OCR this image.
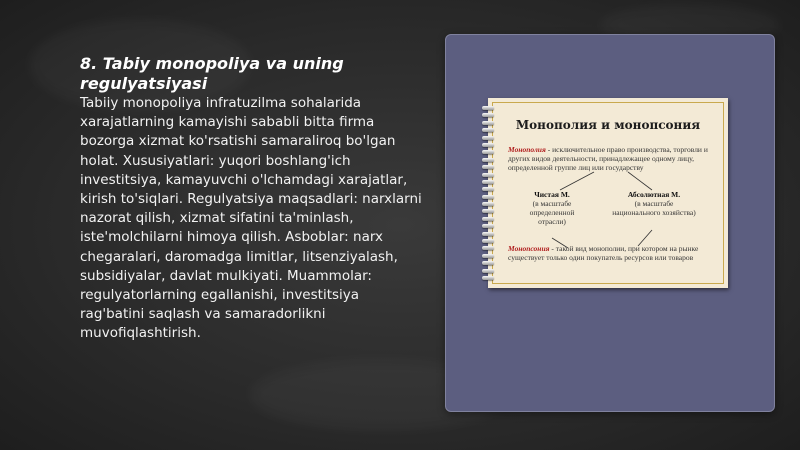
8. Tabiy monopoliya va uning regulyatsiyasi
Tabiiy monopoliya infratuzilma sohalarida xarajatlarning kamayishi sababli bitta firma bozorga xizmat ko'rsatishi samaraliroq bo'lgan holat. Xususiyatlari: yuqori boshlang'ich investitsiya, kamayuvchi o'lchamdagi xarajatlar, kirish to'siqlari. Regulyatsiya maqsadlari: narxlarni nazorat qilish, xizmat sifatini ta'minlash, iste'molchilarni himoya qilish. Asboblar: narx chegaralari, daromadga limitlar, litsenziyalash, subsidiyalar, davlat mulkiyati. Muammolar: regulyatorlarning egallanishi, investitsiya rag'batini saqlash va samaradorlikni muvofiqlashtirish.
Монополия и монопсония
Монополия - исключительное право производства, торговли и других видов деятельности, принадлежащее одному лицу, определенной группе лиц или государству
Чистая М.
(в масштабе определенной отрасли)
Абсолютная М.
(в масштабе национального хозяйства)
Монопсония - такой вид монополии, при котором на рынке существует только один покупатель ресурсов или товаров
